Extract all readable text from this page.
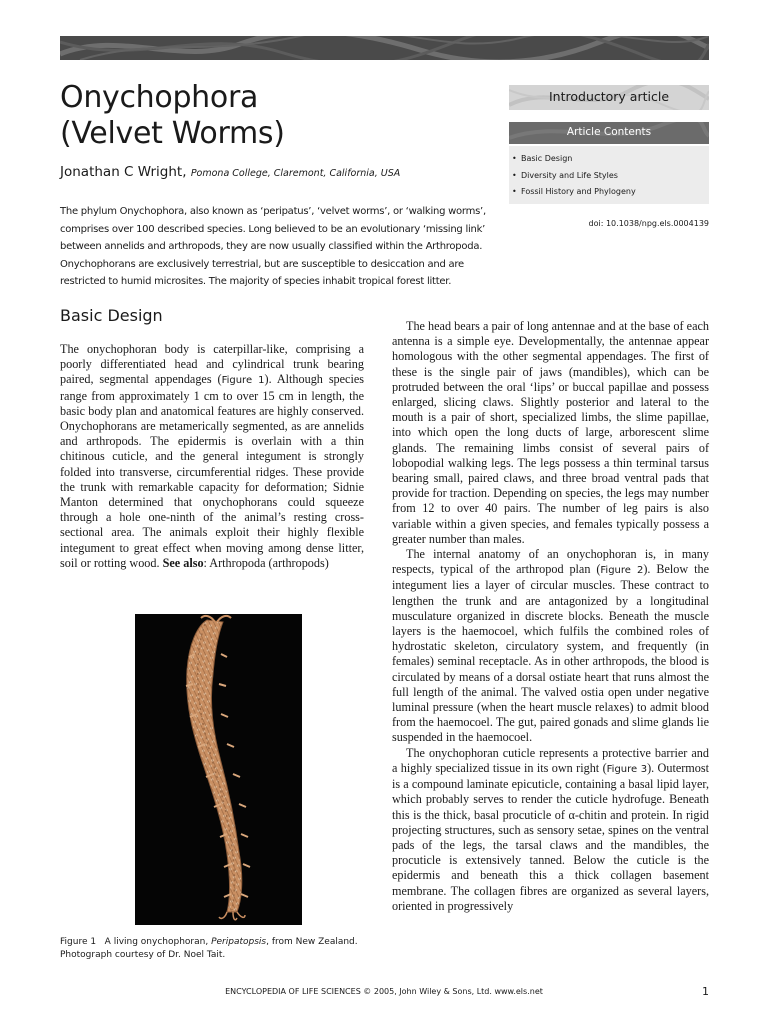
Onychophora
(Velvet Worms)
Jonathan C Wright, Pomona College, Claremont, California, USA

The phylum Onychophora, also known as ‘peripatus’, ‘velvet worms’, or ‘walking worms’, comprises over 100 described species. Long believed to be an evolutionary ‘missing link’ between annelids and arthropods, they are now usually classified within the Arthropoda. Onychophorans are exclusively terrestrial, but are susceptible to desiccation and are restricted to humid microsites. The majority of species inhabit tropical forest litter.

Introductory article
Article Contents
• Basic Design
• Diversity and Life Styles
• Fossil History and Phylogeny
doi: 10.1038/npg.els.0004139
Basic Design

The onychophoran body is caterpillar-like, comprising a poorly differentiated head and cylindrical trunk bearing paired, segmental appendages (Figure 1). Although species range from approximately 1 cm to over 15 cm in length, the basic body plan and anatomical features are highly conserved. Onychophorans are metamerically segmented, as are annelids and arthropods. The epidermis is overlain with a thin chitinous cuticle, and the general integument is strongly folded into transverse, circumferential ridges. These provide the trunk with remarkable capacity for deformation; Sidnie Manton determined that onychophorans could squeeze through a hole one-ninth of the animal’s resting cross-sectional area. The animals exploit their highly flexible integument to great effect when moving among dense litter, soil or rotting wood. See also: Arthropoda (arthropods)

Figure 1 A living onychophoran, Peripatopsis, from New Zealand. Photograph courtesy of Dr. Noel Tait.

The head bears a pair of long antennae and at the base of each antenna is a simple eye. Developmentally, the antennae appear homologous with the other segmental appendages. The first of these is the single pair of jaws (mandibles), which can be protruded between the oral ‘lips’ or buccal papillae and possess enlarged, slicing claws. Slightly posterior and lateral to the mouth is a pair of short, specialized limbs, the slime papillae, into which open the long ducts of large, arborescent slime glands. The remaining limbs consist of several pairs of lobopodial walking legs. The legs possess a thin terminal tarsus bearing small, paired claws, and three broad ventral pads that provide for traction. Depending on species, the legs may number from 12 to over 40 pairs. The number of leg pairs is also variable within a given species, and females typically possess a greater number than males.

The internal anatomy of an onychophoran is, in many respects, typical of the arthropod plan (Figure 2). Below the integument lies a layer of circular muscles. These contract to lengthen the trunk and are antagonized by a longitudinal musculature organized in discrete blocks. Beneath the muscle layers is the haemocoel, which fulfils the combined roles of hydrostatic skeleton, circulatory system, and frequently (in females) seminal receptacle. As in other arthropods, the blood is circulated by means of a dorsal ostiate heart that runs almost the full length of the animal. The valved ostia open under negative luminal pressure (when the heart muscle relaxes) to admit blood from the haemocoel. The gut, paired gonads and slime glands lie suspended in the haemocoel.

The onychophoran cuticle represents a protective barrier and a highly specialized tissue in its own right (Figure 3). Outermost is a compound laminate epicuticle, containing a basal lipid layer, which probably serves to render the cuticle hydrofuge. Beneath this is the thick, basal procuticle of α-chitin and protein. In rigid projecting structures, such as sensory setae, spines on the ventral pads of the legs, the tarsal claws and the mandibles, the procuticle is extensively tanned. Below the cuticle is the epidermis and beneath this a thick collagen basement membrane. The collagen fibres are organized as several layers, oriented in progressively

ENCYCLOPEDIA OF LIFE SCIENCES © 2005, John Wiley & Sons, Ltd. www.els.net	1
